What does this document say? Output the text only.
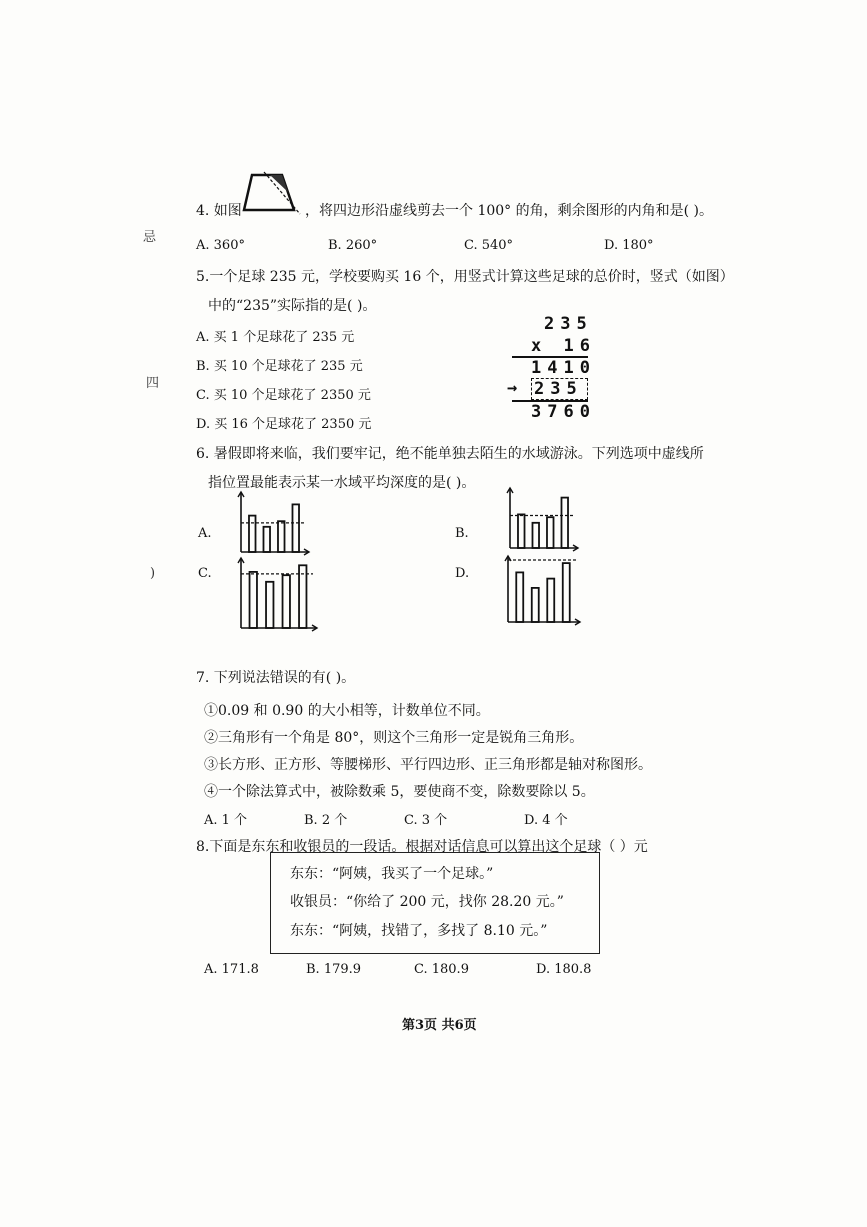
忌
四
)
4. 如图	，将四边形沿虚线剪去一个 100° 的角，剩余图形的内角和是( )。
A. 360°	B. 260°	C. 540°	D. 180°
5.一个足球 235 元，学校要购买 16 个，用竖式计算这些足球的总价时，竖式（如图）
中的“235”实际指的是( )。
A. 买 1 个足球花了 235 元
B. 买 10 个足球花了 235 元
C. 买 10 个足球花了 2350 元
D. 买 16 个足球花了 2350 元
235
x 16
1410
→ 235
3760
6. 暑假即将来临，我们要牢记，绝不能单独去陌生的水域游泳。下列选项中虚线所
指位置最能表示某一水域平均深度的是( )。
A.	B.
C.	D.
7. 下列说法错误的有( )。
①0.09 和 0.90 的大小相等，计数单位不同。
②三角形有一个角是 80°，则这个三角形一定是锐角三角形。
③长方形、正方形、等腰梯形、平行四边形、正三角形都是轴对称图形。
④一个除法算式中，被除数乘 5，要使商不变，除数要除以 5。
A. 1 个	B. 2 个	C. 3 个	D. 4 个
8.下面是东东和收银员的一段话。根据对话信息可以算出这个足球（ ）元
东东：“阿姨，我买了一个足球。”
收银员：“你给了 200 元，找你 28.20 元。”
东东：“阿姨，找错了，多找了 8.10 元。”
A. 171.8	B. 179.9	C. 180.9	D. 180.8
第3页 共6页
